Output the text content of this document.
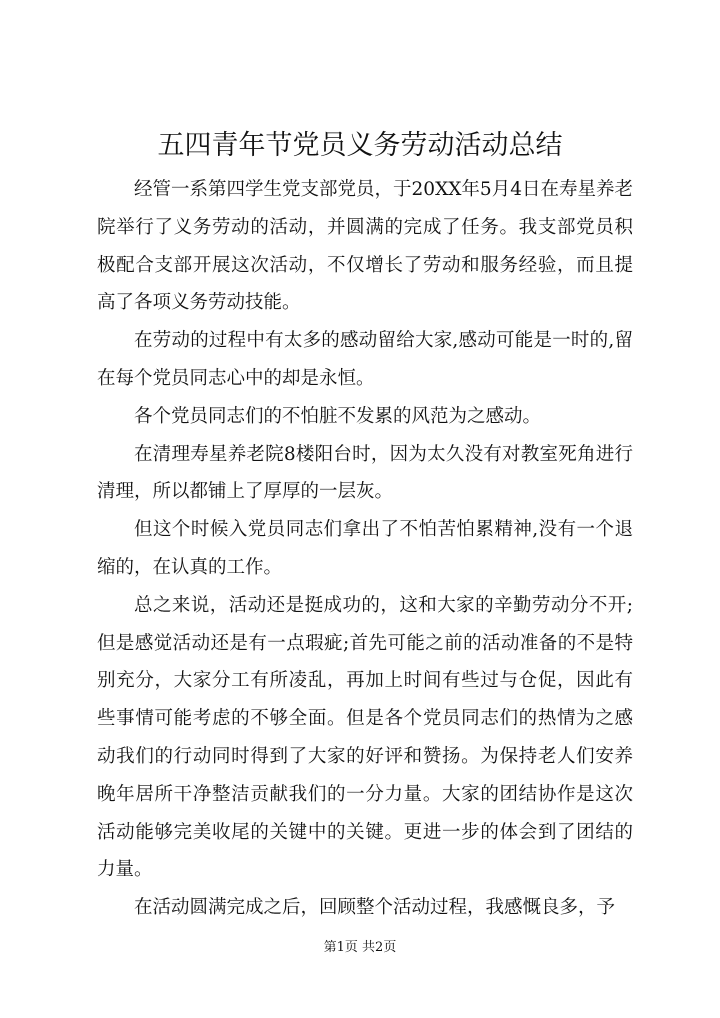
五四青年节党员义务劳动活动总结

经管一系第四学生党支部党员，于20XX年5月4日在寿星养老院举行了义务劳动的活动，并圆满的完成了任务。我支部党员积极配合支部开展这次活动，不仅增长了劳动和服务经验，而且提高了各项义务劳动技能。

在劳动的过程中有太多的感动留给大家,感动可能是一时的,留在每个党员同志心中的却是永恒。

各个党员同志们的不怕脏不发累的风范为之感动。

在清理寿星养老院8楼阳台时，因为太久没有对教室死角进行清理，所以都铺上了厚厚的一层灰。

但这个时候入党员同志们拿出了不怕苦怕累精神,没有一个退缩的，在认真的工作。

总之来说，活动还是挺成功的，这和大家的辛勤劳动分不开;但是感觉活动还是有一点瑕疵;首先可能之前的活动准备的不是特别充分，大家分工有所凌乱，再加上时间有些过与仓促，因此有些事情可能考虑的不够全面。但是各个党员同志们的热情为之感动我们的行动同时得到了大家的好评和赞扬。为保持老人们安养晚年居所干净整洁贡献我们的一分力量。大家的团结协作是这次活动能够完美收尾的关键中的关键。更进一步的体会到了团结的力量。

在活动圆满完成之后，回顾整个活动过程，我感慨良多，予

第1页 共2页
